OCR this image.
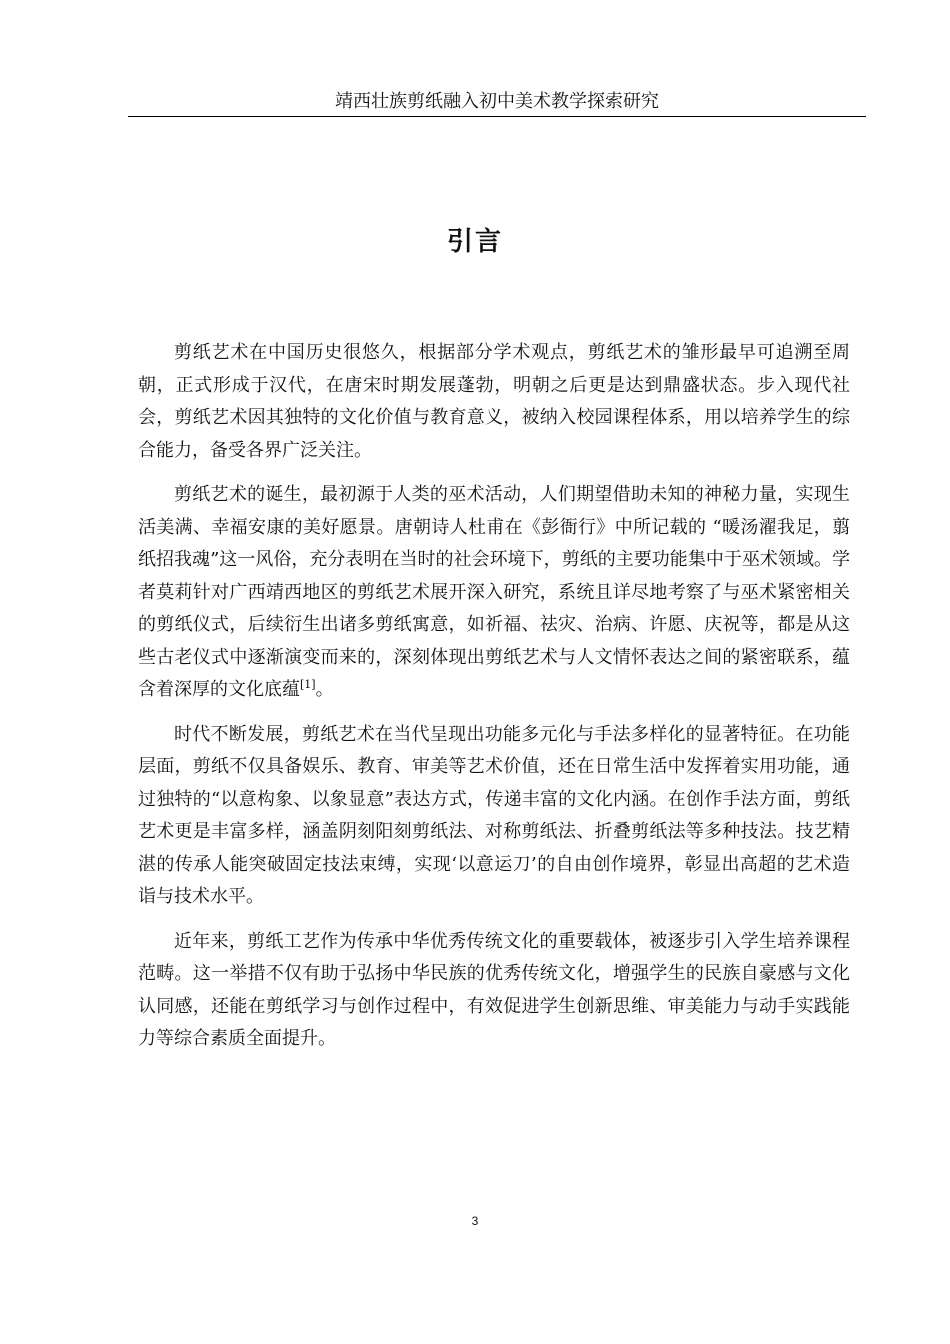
靖西壮族剪纸融入初中美术教学探索研究
引言

剪纸艺术在中国历史很悠久，根据部分学术观点，剪纸艺术的雏形最早可追溯至周朝，正式形成于汉代，在唐宋时期发展蓬勃，明朝之后更是达到鼎盛状态。步入现代社会，剪纸艺术因其独特的文化价值与教育意义，被纳入校园课程体系，用以培养学生的综合能力，备受各界广泛关注。

剪纸艺术的诞生，最初源于人类的巫术活动，人们期望借助未知的神秘力量，实现生活美满、幸福安康的美好愿景。唐朝诗人杜甫在《彭衙行》中所记载的 “暖汤濯我足，翦纸招我魂”这一风俗，充分表明在当时的社会环境下，剪纸的主要功能集中于巫术领域。学者莫莉针对广西靖西地区的剪纸艺术展开深入研究，系统且详尽地考察了与巫术紧密相关的剪纸仪式，后续衍生出诸多剪纸寓意，如祈福、祛灾、治病、许愿、庆祝等，都是从这些古老仪式中逐渐演变而来的，深刻体现出剪纸艺术与人文情怀表达之间的紧密联系，蕴含着深厚的文化底蕴[1]。

时代不断发展，剪纸艺术在当代呈现出功能多元化与手法多样化的显著特征。在功能层面，剪纸不仅具备娱乐、教育、审美等艺术价值，还在日常生活中发挥着实用功能，通过独特的“以意构象、以象显意”表达方式，传递丰富的文化内涵。在创作手法方面，剪纸艺术更是丰富多样，涵盖阴刻阳刻剪纸法、对称剪纸法、折叠剪纸法等多种技法。技艺精湛的传承人能突破固定技法束缚，实现‘以意运刀’的自由创作境界，彰显出高超的艺术造诣与技术水平。

近年来，剪纸工艺作为传承中华优秀传统文化的重要载体，被逐步引入学生培养课程范畴。这一举措不仅有助于弘扬中华民族的优秀传统文化，增强学生的民族自豪感与文化认同感，还能在剪纸学习与创作过程中，有效促进学生创新思维、审美能力与动手实践能力等综合素质全面提升。

3
